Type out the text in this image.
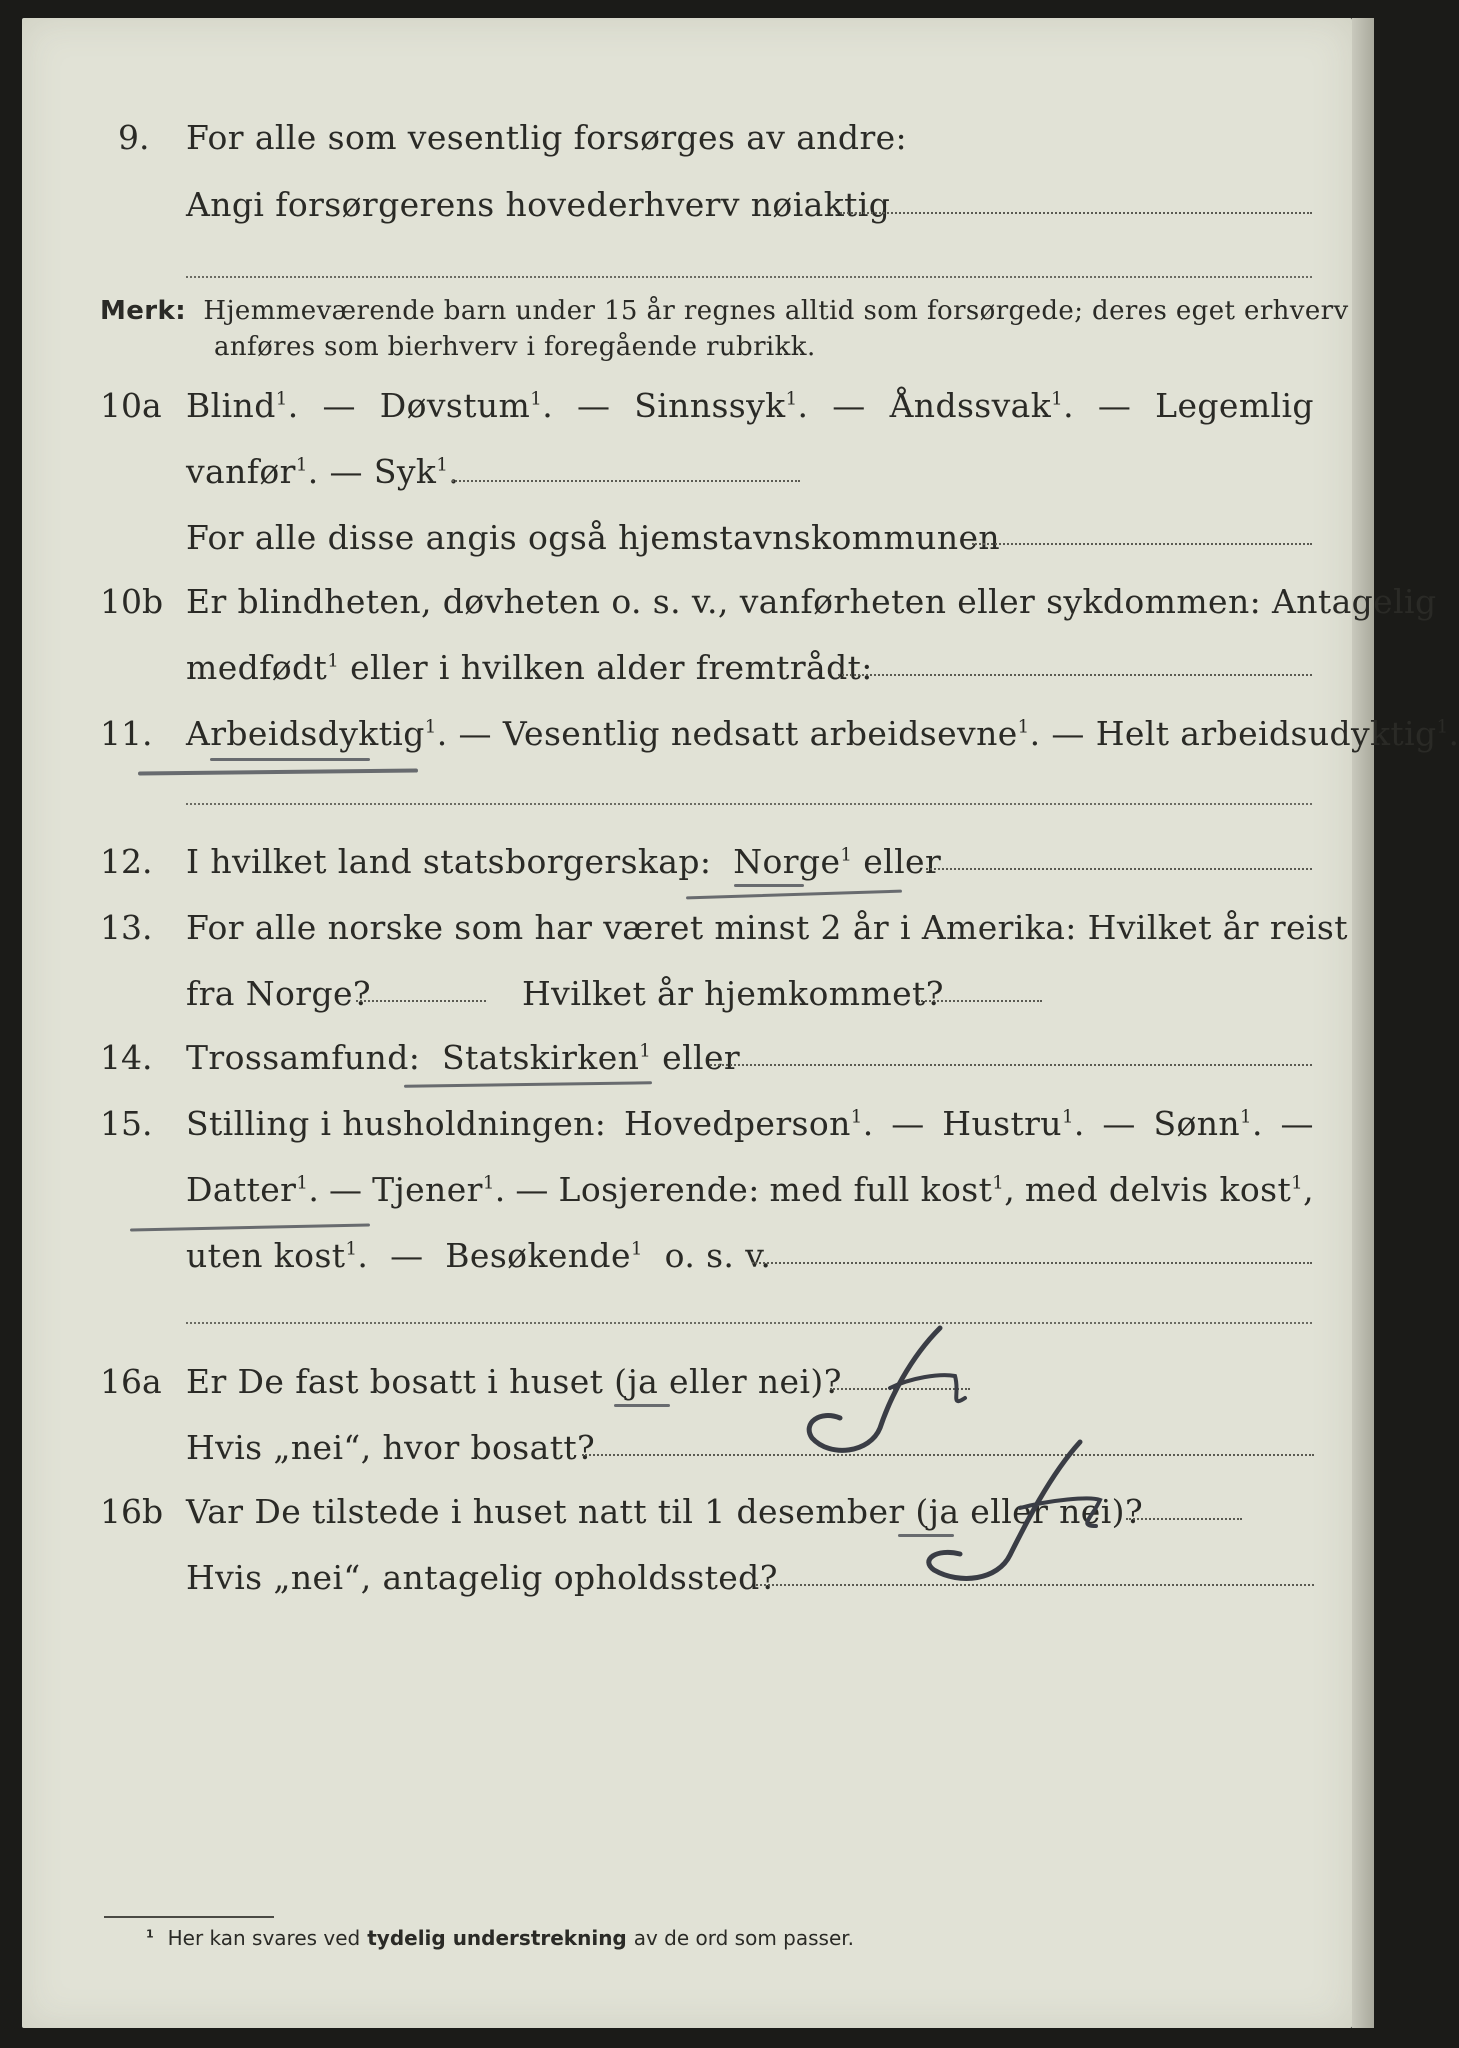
9. For alle som vesentlig forsørges av andre:
Angi forsørgerens hovederhverv nøiaktig
Merk: Hjemmeværende barn under 15 år regnes alltid som forsørgede; deres eget erhverv
anføres som bierhverv i foregående rubrikk.
10a Blind$^1$. — Døvstum$^1$. — Sinnssyk$^1$. — Åndssvak$^1$. — Legemlig
vanfør$^1$. — Syk$^1$.
For alle disse angis også hjemstavnskommunen
10b Er blindheten, døvheten o. s. v., vanførheten eller sykdommen: Antagelig
medfødt$^1$ eller i hvilken alder fremtrådt:
11. Arbeidsdyktig$^1$. — Vesentlig nedsatt arbeidsevne$^1$. — Helt arbeidsudyktig$^1$.
12. I hvilket land statsborgerskap: Norge$^1$ eller
13. For alle norske som har været minst 2 år i Amerika: Hvilket år reist
fra Norge?	Hvilket år hjemkommet?
14. Trossamfund: Statskirken$^1$ eller
15. Stilling i husholdningen: Hovedperson$^1$. — Hustru$^1$. — Sønn$^1$. —
Datter$^1$. — Tjener$^1$. — Losjerende: med full kost$^1$, med delvis kost$^1$,
uten kost$^1$.  —  Besøkende$^1$ o. s. v.
16a Er De fast bosatt i huset (ja eller nei)?
Hvis „nei“, hvor bosatt?
16b Var De tilstede i huset natt til 1 desember (ja eller nei)?
Hvis „nei“, antagelig opholdssted?
$^1$ Her kan svares ved tydelig understrekning av de ord som passer.
